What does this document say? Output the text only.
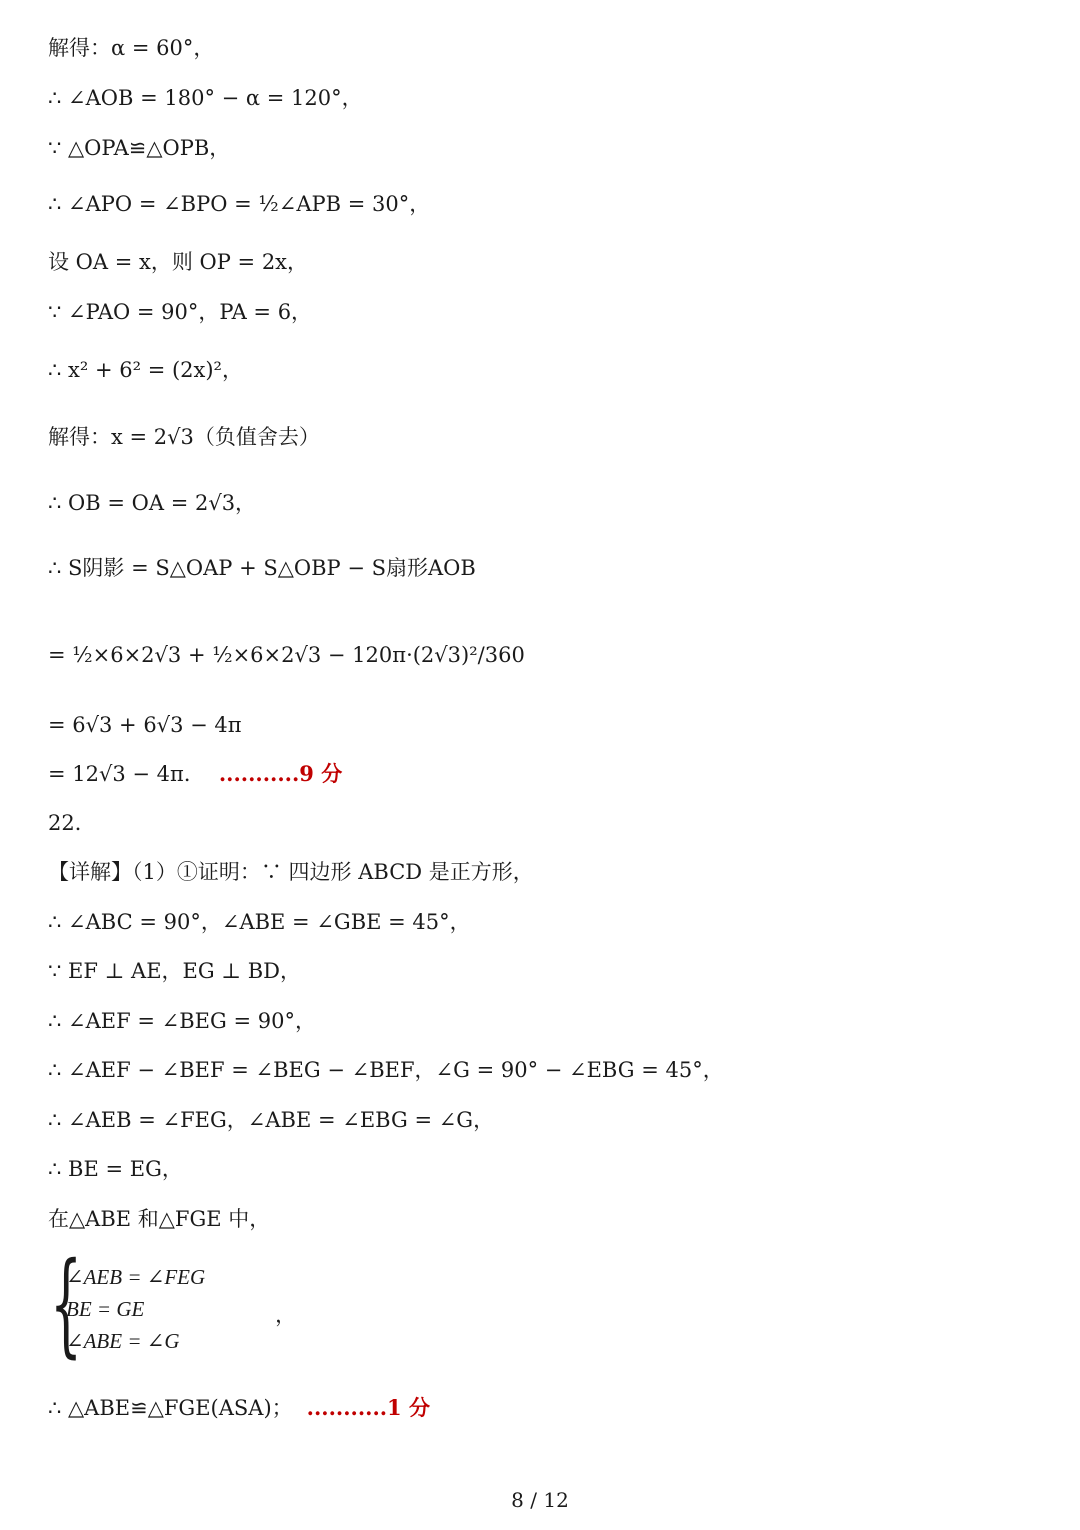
解得：α = 60°，
∴ ∠AOB = 180° − α = 120°，
∵ △OPA≌△OPB，
∴ ∠APO = ∠BPO = ½∠APB = 30°，
设 OA = x，则 OP = 2x，
∵ ∠PAO = 90°，PA = 6，
∴ x² + 6² = (2x)²，
解得：x = 2√3（负值舍去）
∴ OB = OA = 2√3，
∴ S阴影 = S△OAP + S△OBP − S扇形AOB
= ½×6×2√3 + ½×6×2√3 − 120π·(2√3)²/360
= 6√3 + 6√3 − 4π
= 12√3 − 4π． ...........9 分
22．
【详解】（1）①证明：∵ 四边形 ABCD 是正方形，
∴ ∠ABC = 90°，∠ABE = ∠GBE = 45°，
∵ EF ⊥ AE，EG ⊥ BD，
∴ ∠AEF = ∠BEG = 90°，
∴ ∠AEF − ∠BEF = ∠BEG − ∠BEF，∠G = 90° − ∠EBG = 45°，
∴ ∠AEB = ∠FEG，∠ABE = ∠EBG = ∠G，
∴ BE = EG，
在△ABE 和△FGE 中，
{
∠AEB = ∠FEG
BE = GE
∠ABE = ∠G
，
∴ △ABE≌△FGE(ASA)； ...........1 分
8 / 12
